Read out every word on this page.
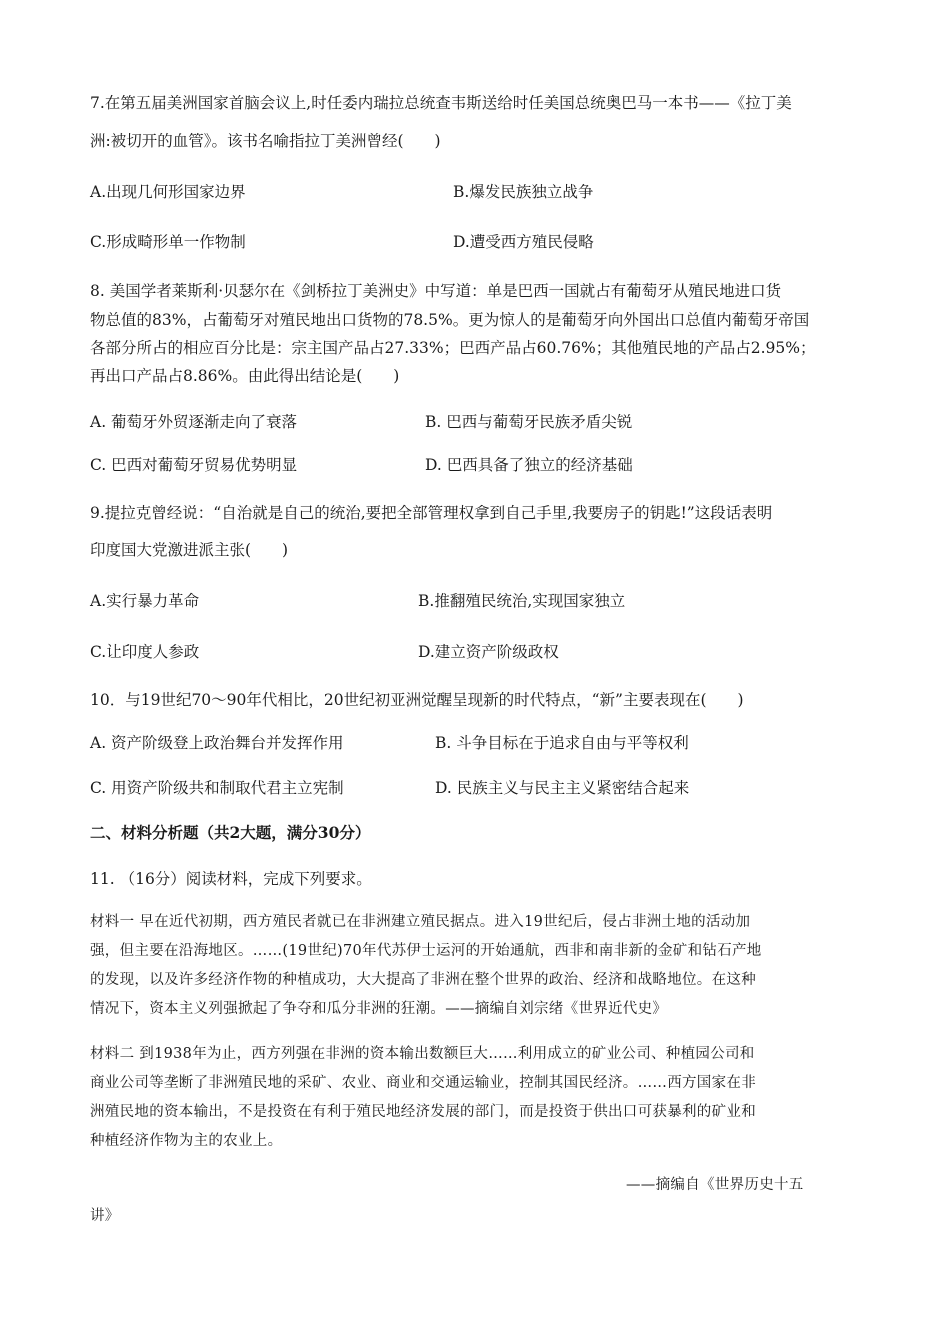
7.在第五届美洲国家首脑会议上,时任委内瑞拉总统查韦斯送给时任美国总统奥巴马一本书——《拉丁美
洲:被切开的血管》。该书名喻指拉丁美洲曾经(　　)
A.出现几何形国家边界	B.爆发民族独立战争
C.形成畸形单一作物制	D.遭受西方殖民侵略
8. 美国学者莱斯利·贝瑟尔在《剑桥拉丁美洲史》中写道：单是巴西一国就占有葡萄牙从殖民地进口货
物总值的83%，占葡萄牙对殖民地出口货物的78.5%。更为惊人的是葡萄牙向外国出口总值内葡萄牙帝国
各部分所占的相应百分比是：宗主国产品占27.33%；巴西产品占60.76%；其他殖民地的产品占2.95%；
再出口产品占8.86%。由此得出结论是(　　)
A. 葡萄牙外贸逐渐走向了衰落	B. 巴西与葡萄牙民族矛盾尖锐
C. 巴西对葡萄牙贸易优势明显	D. 巴西具备了独立的经济基础
9.提拉克曾经说：“自治就是自己的统治,要把全部管理权拿到自己手里,我要房子的钥匙!”这段话表明
印度国大党激进派主张(　　)
A.实行暴力革命	B.推翻殖民统治,实现国家独立
C.让印度人参政	D.建立资产阶级政权
10．与19世纪70～90年代相比，20世纪初亚洲觉醒呈现新的时代特点，“新”主要表现在(　　)
A. 资产阶级登上政治舞台并发挥作用	B. 斗争目标在于追求自由与平等权利
C. 用资产阶级共和制取代君主立宪制	D. 民族主义与民主主义紧密结合起来
二、材料分析题（共2大题，满分30分）
11. （16分）阅读材料，完成下列要求。
材料一 早在近代初期，西方殖民者就已在非洲建立殖民据点。进入19世纪后，侵占非洲土地的活动加
强，但主要在沿海地区。……(19世纪)70年代苏伊士运河的开始通航，西非和南非新的金矿和钻石产地
的发现，以及许多经济作物的种植成功，大大提高了非洲在整个世界的政治、经济和战略地位。在这种
情况下，资本主义列强掀起了争夺和瓜分非洲的狂潮。——摘编自刘宗绪《世界近代史》
材料二 到1938年为止，西方列强在非洲的资本输出数额巨大……利用成立的矿业公司、种植园公司和
商业公司等垄断了非洲殖民地的采矿、农业、商业和交通运输业，控制其国民经济。……西方国家在非
洲殖民地的资本输出，不是投资在有利于殖民地经济发展的部门，而是投资于供出口可获暴利的矿业和
种植经济作物为主的农业上。
——摘编自《世界历史十五
讲》
